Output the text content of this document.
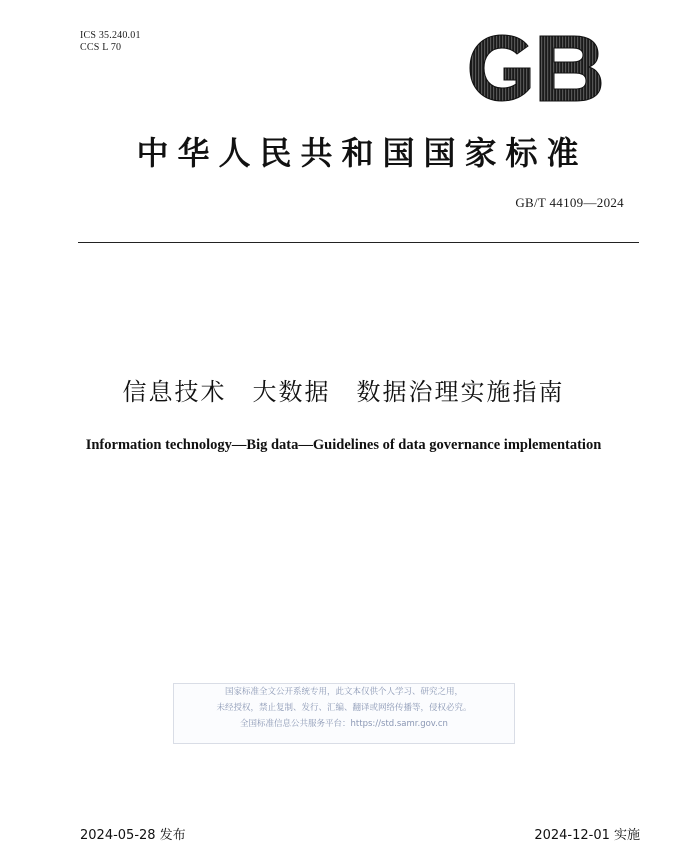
ICS 35.240.01
CCS L 70
中华人民共和国国家标准
GB/T 44109—2024
信息技术　大数据　数据治理实施指南
Information technology—Big data—Guidelines of data governance implementation
国家标准全文公开系统专用，此文本仅供个人学习、研究之用，
未经授权，禁止复制、发行、汇编、翻译或网络传播等，侵权必究。
全国标准信息公共服务平台：https://std.samr.gov.cn
2024-05-28 发布	2024-12-01 实施
